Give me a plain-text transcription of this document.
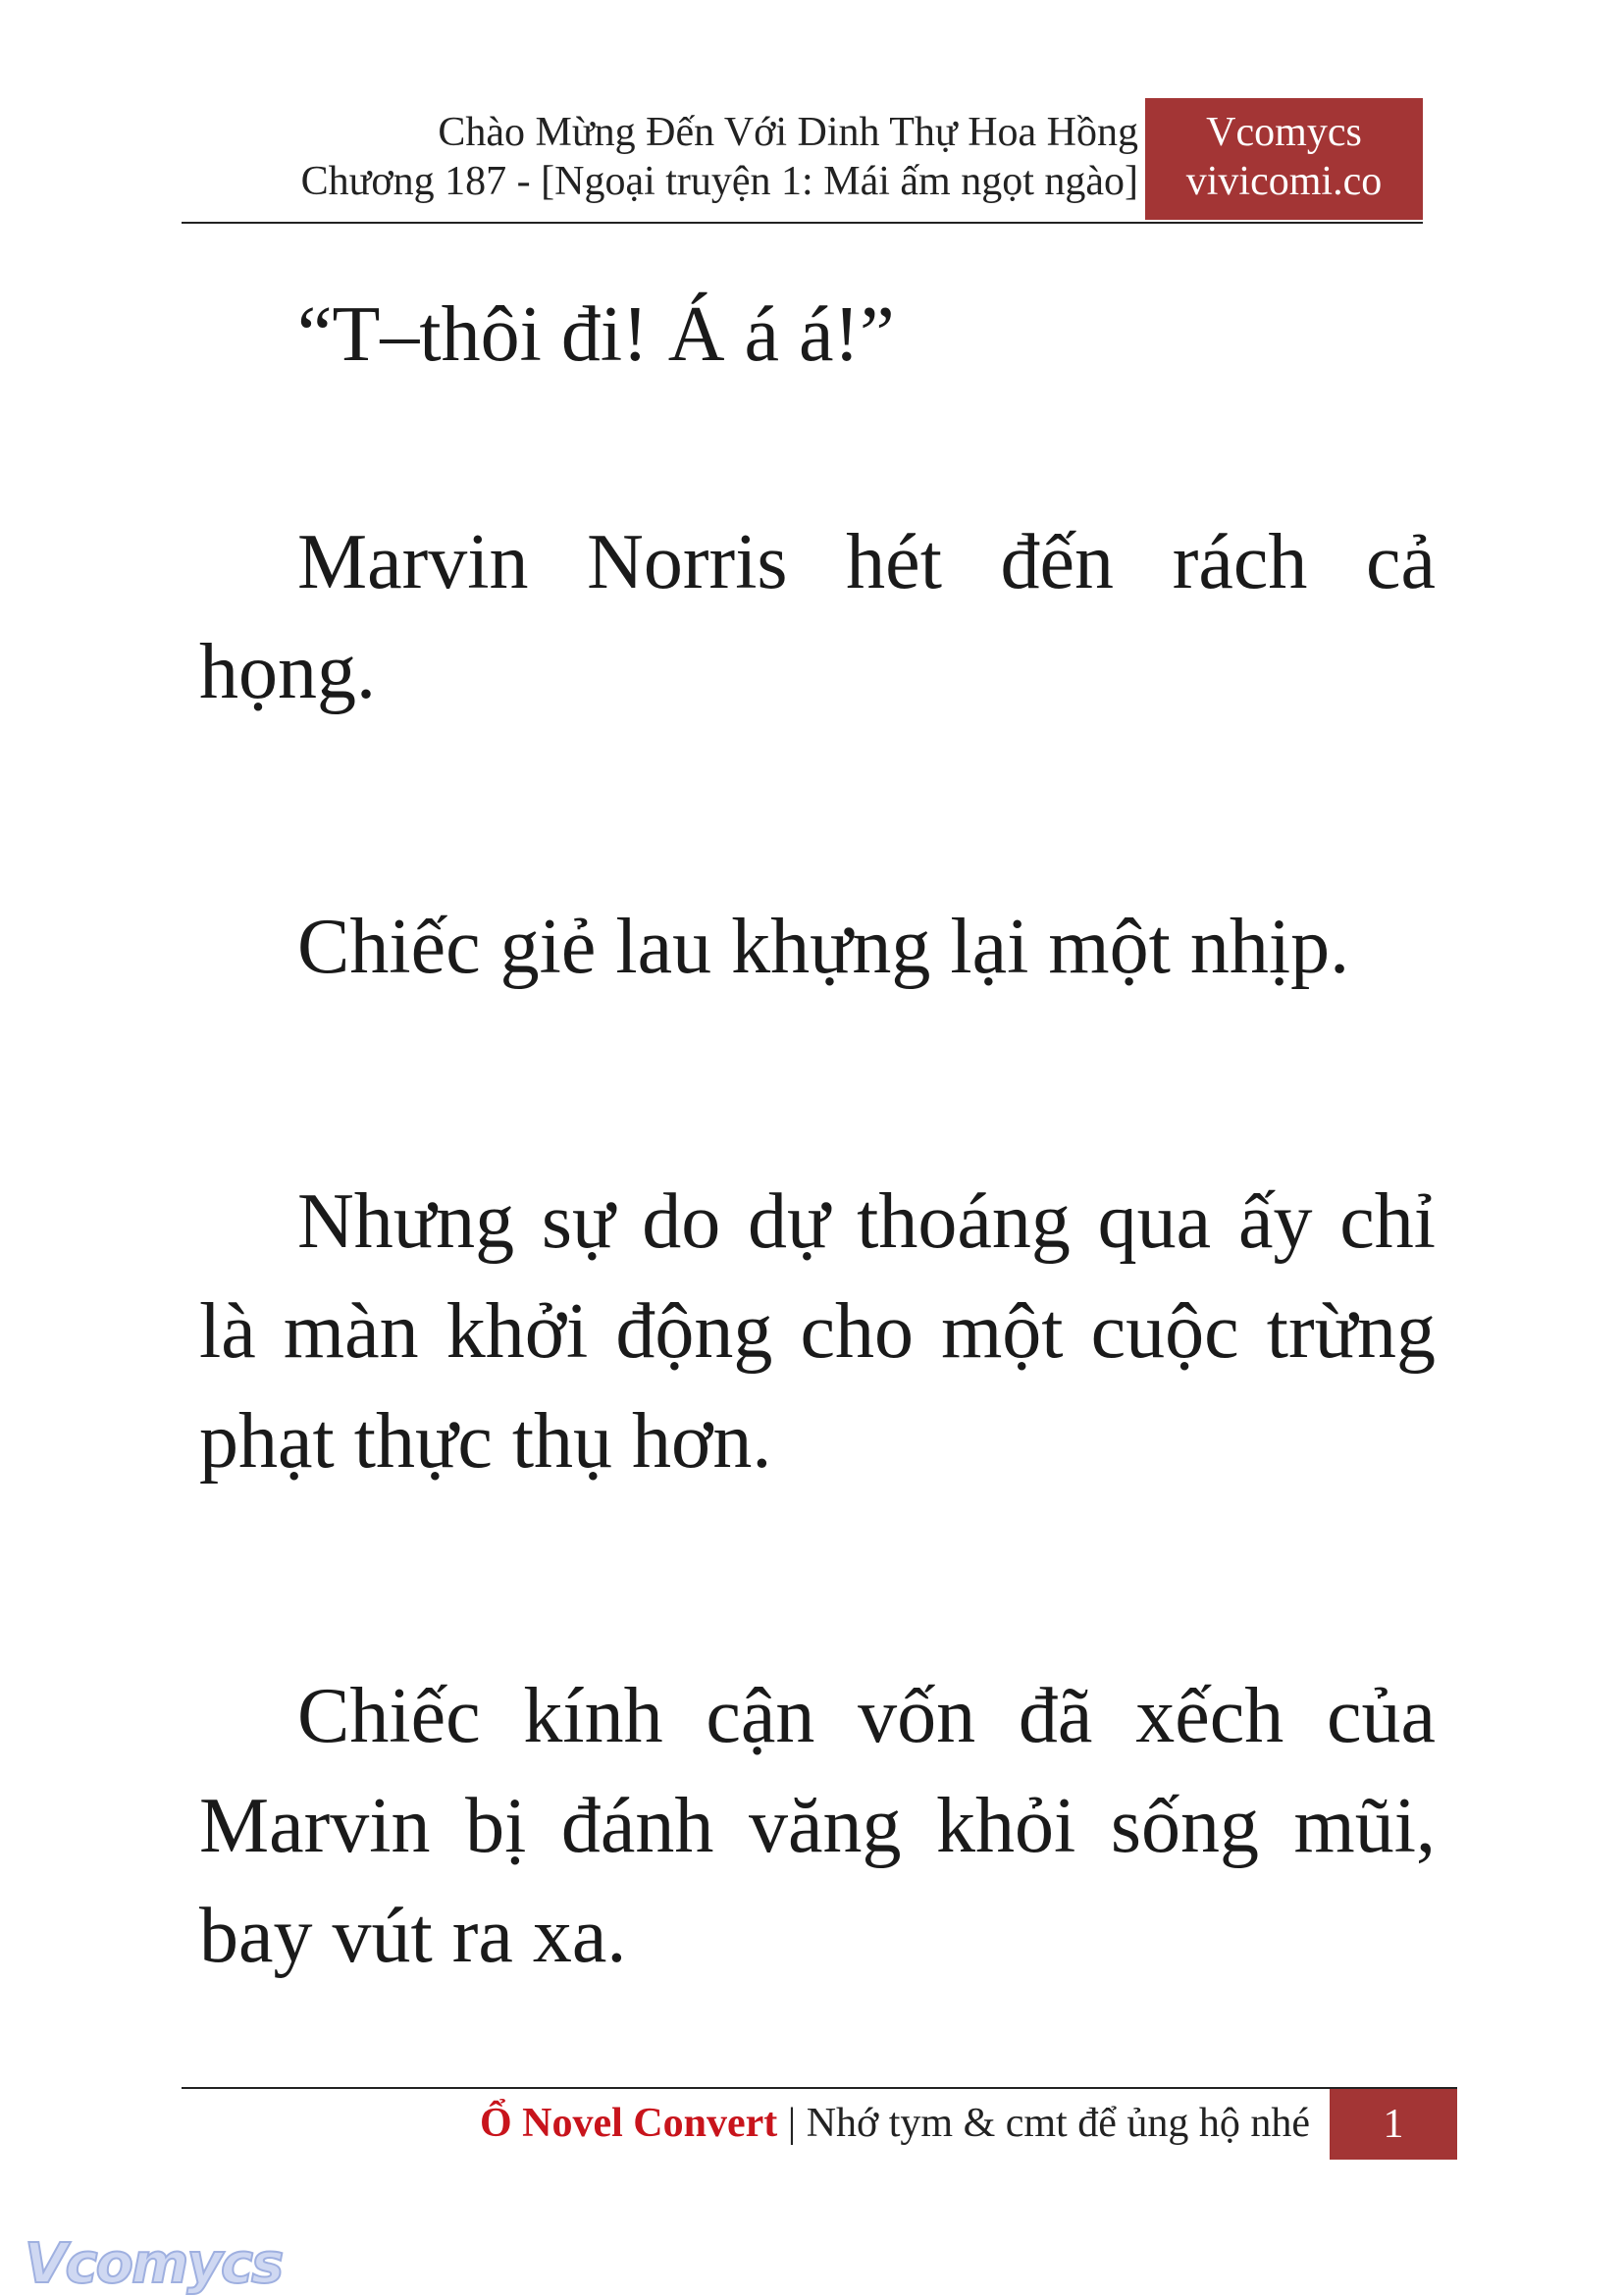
Chào Mừng Đến Với Dinh Thự Hoa Hồng
Chương 187 - [Ngoại truyện 1: Mái ấm ngọt ngào]
Vcomycs
vivicomi.co

“T–thôi đi! Á á á!”

Marvin Norris hét đến rách cả họng.

Chiếc giẻ lau khựng lại một nhịp.

Nhưng sự do dự thoáng qua ấy chỉ là màn khởi động cho một cuộc trừng phạt thực thụ hơn.

Chiếc kính cận vốn đã xếch của Marvin bị đánh văng khỏi sống mũi, bay vút ra xa.

Ổ Novel Convert | Nhớ tym & cmt để ủng hộ nhé	1
Vcomycs
